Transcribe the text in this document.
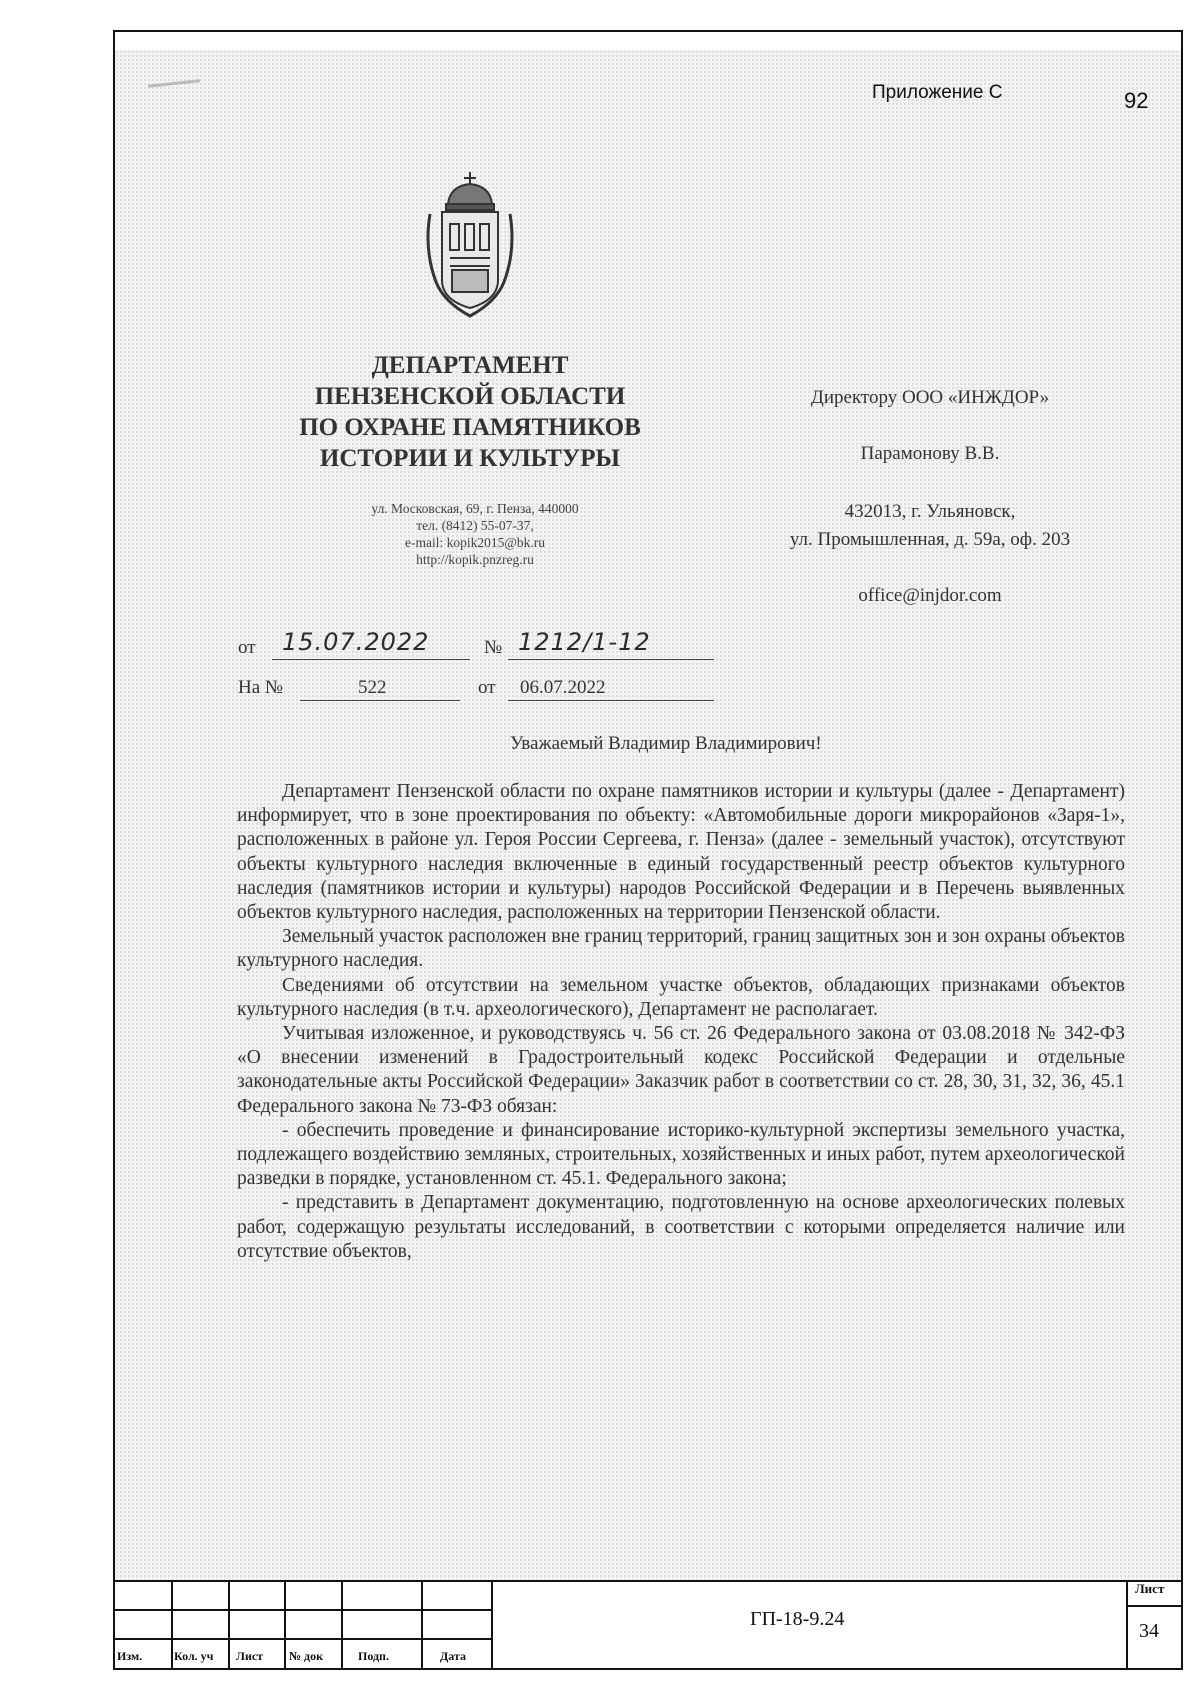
Приложение С	92
ДЕПАРТАМЕНТ
ПЕНЗЕНСКОЙ ОБЛАСТИ
ПО ОХРАНЕ ПАМЯТНИКОВ
ИСТОРИИ И КУЛЬТУРЫ
ул. Московская, 69, г. Пенза, 440000
тел. (8412) 55-07-37,
e-mail: kopik2015@bk.ru
http://kopik.pnzreg.ru
Директору ООО «ИНЖДОР»
Парамонову В.В.
432013, г. Ульяновск,
ул. Промышленная, д. 59а, оф. 203
office@injdor.com
от 15.07.2022	№ 1212/1-12
На №	522	от 06.07.2022
Уважаемый Владимир Владимирович!

Департамент Пензенской области по охране памятников истории и культуры (далее - Департамент) информирует, что в зоне проектирования по объекту: «Автомобильные дороги микрорайонов «Заря-1», расположенных в районе ул. Героя России Сергеева, г. Пенза» (далее - земельный участок), отсутствуют объекты культурного наследия включенные в единый государственный реестр объектов культурного наследия (памятников истории и культуры) народов Российской Федерации и в Перечень выявленных объектов культурного наследия, расположенных на территории Пензенской области.

Земельный участок расположен вне границ территорий, границ защитных зон и зон охраны объектов культурного наследия.

Сведениями об отсутствии на земельном участке объектов, обладающих признаками объектов культурного наследия (в т.ч. археологического), Департамент не располагает.

Учитывая изложенное, и руководствуясь ч. 56 ст. 26 Федерального закона от 03.08.2018 № 342-ФЗ «О внесении изменений в Градостроительный кодекс Российской Федерации и отдельные законодательные акты Российской Федерации» Заказчик работ в соответствии со ст. 28, 30, 31, 32, 36, 45.1 Федерального закона № 73-ФЗ обязан:

- обеспечить проведение и финансирование историко-культурной экспертизы земельного участка, подлежащего воздействию земляных, строительных, хозяйственных и иных работ, путем археологической разведки в порядке, установленном ст. 45.1. Федерального закона;

- представить в Департамент документацию, подготовленную на основе археологических полевых работ, содержащую результаты исследований, в соответствии с которыми определяется наличие или отсутствие объектов,

Изм.	Кол. уч Лист № док	Подп.	Дата
ГП-18-9.24
Лист
34
